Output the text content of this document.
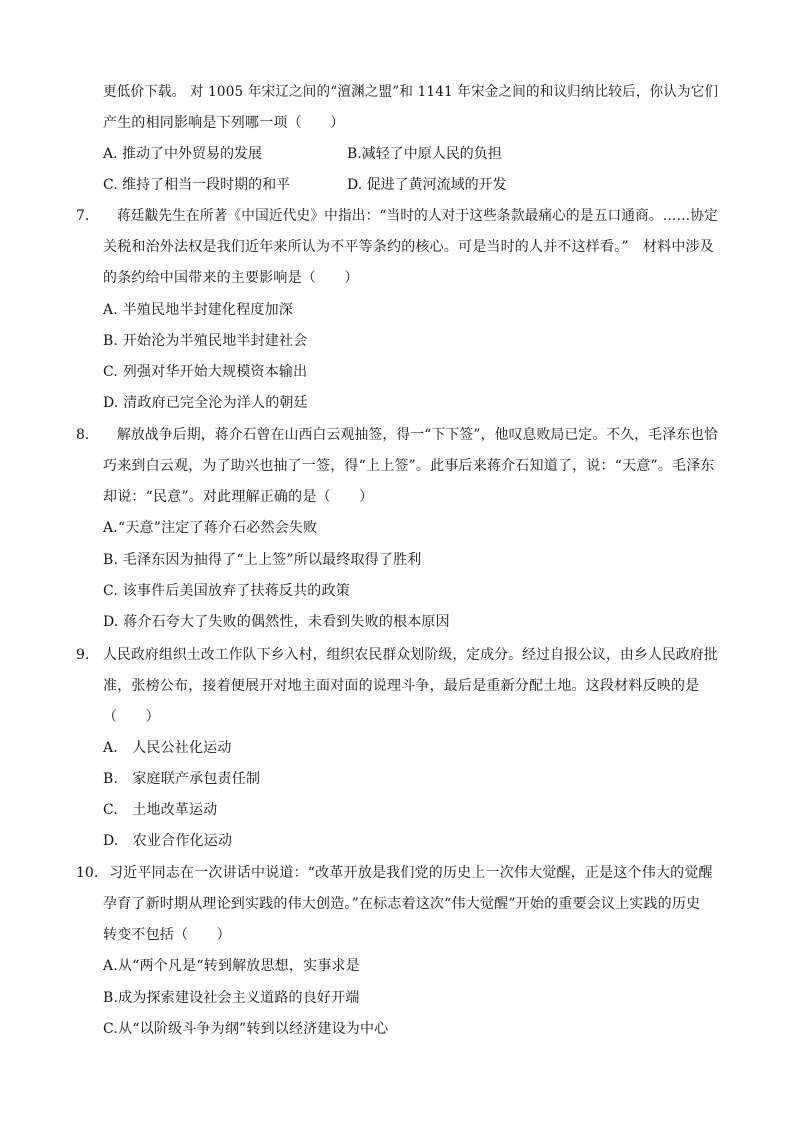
更低价下载。 对 1005 年宋辽之间的“澶渊之盟”和 1141 年宋金之间的和议归纳比较后，你认为它们
产生的相同影响是下列哪一项（　　）
A. 推动了中外贸易的发展	B.减轻了中原人民的负担
C. 维持了相当一段时期的和平	D. 促进了黄河流域的开发
7. 蒋廷黻先生在所著《中国近代史》中指出：“当时的人对于这些条款最痛心的是五口通商。……协定
关税和治外法权是我们近年来所认为不平等条约的核心。可是当时的人并不这样看。”　材料中涉及
的条约给中国带来的主要影响是（　　）
A. 半殖民地半封建化程度加深
B. 开始沦为半殖民地半封建社会
C. 列强对华开始大规模资本输出
D. 清政府已完全沦为洋人的朝廷
8. 解放战争后期，蒋介石曾在山西白云观抽签，得一“下下签”，他叹息败局已定。不久，毛泽东也恰
巧来到白云观，为了助兴也抽了一签，得“上上签”。此事后来蒋介石知道了，说：“天意”。毛泽东
却说：“民意”。对此理解正确的是（　　）
A.“天意”注定了蒋介石必然会失败
B. 毛泽东因为抽得了“上上签”所以最终取得了胜利
C. 该事件后美国放弃了扶蒋反共的政策
D. 蒋介石夸大了失败的偶然性，未看到失败的根本原因
9. 人民政府组织土改工作队下乡入村，组织农民群众划阶级，定成分。经过自报公议，由乡人民政府批
准，张榜公布，接着便展开对地主面对面的说理斗争，最后是重新分配土地。这段材料反映的是
（　　）
A.　人民公社化运动
B.　家庭联产承包责任制
C.　土地改革运动
D.　农业合作化运动
10. 习近平同志在一次讲话中说道：“改革开放是我们党的历史上一次伟大觉醒，正是这个伟大的觉醒
孕育了新时期从理论到实践的伟大创造。”在标志着这次“伟大觉醒”开始的重要会议上实践的历史
转变不包括（　　）
A.从“两个凡是“转到解放思想，实事求是
B.成为探索建设社会主义道路的良好开端
C.从“以阶级斗争为纲”转到以经济建设为中心
